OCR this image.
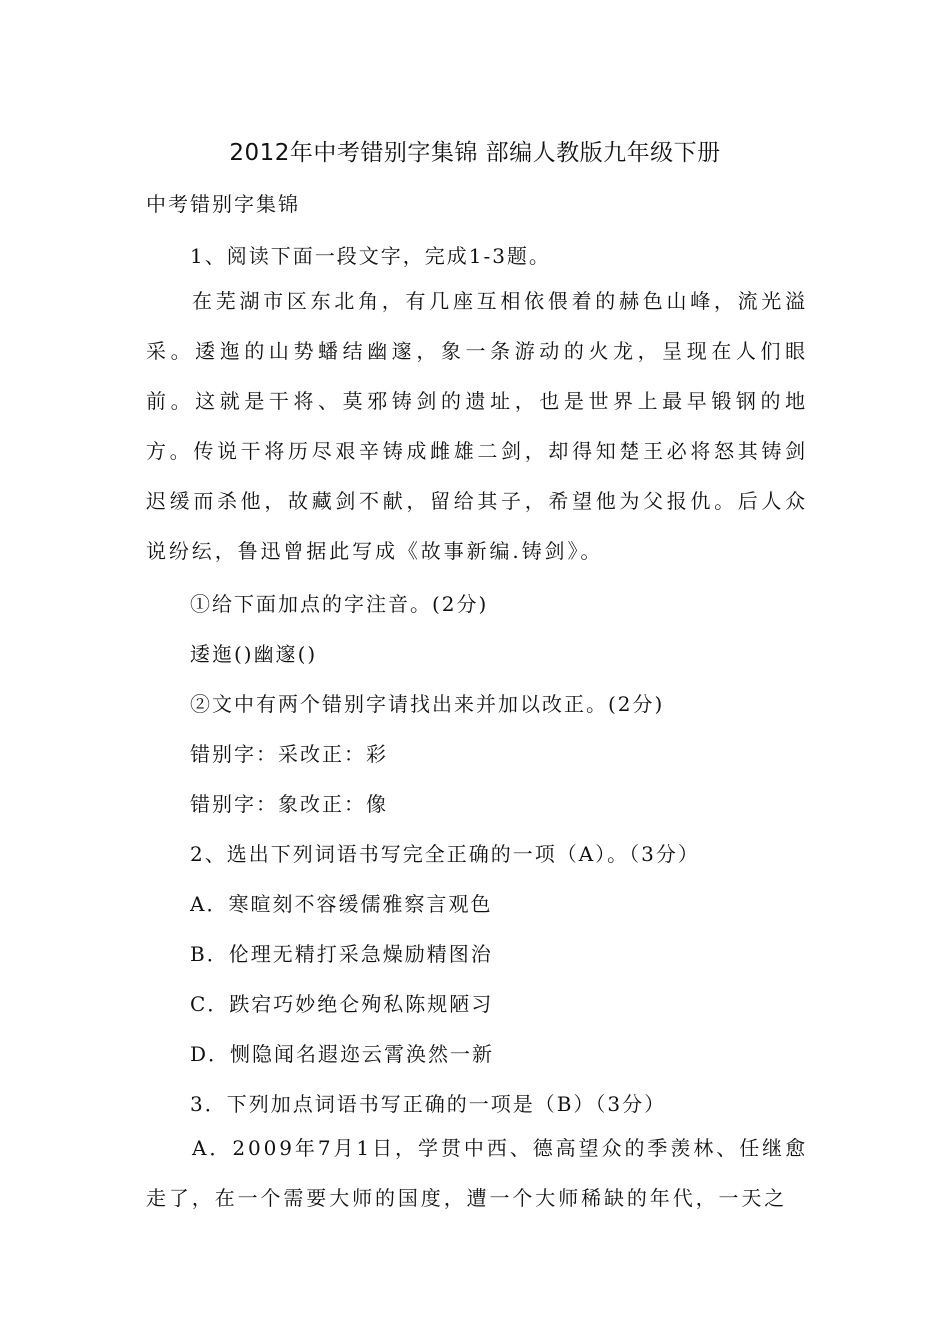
2012年中考错别字集锦 部编人教版九年级下册
中考错别字集锦
1、阅读下面一段文字，完成1-3题。
在芜湖市区东北角，有几座互相依偎着的赫色山峰，流光溢采。逶迤的山势蟠结幽邃，象一条游动的火龙，呈现在人们眼前。这就是干将、莫邪铸剑的遗址，也是世界上最早锻钢的地方。传说干将历尽艰辛铸成雌雄二剑，却得知楚王必将怒其铸剑迟缓而杀他，故藏剑不献，留给其子，希望他为父报仇。后人众说纷纭，鲁迅曾据此写成《故事新编.铸剑》。
①给下面加点的字注音。(2分)
逶迤()幽邃()
②文中有两个错别字请找出来并加以改正。(2分)
错别字：采改正：彩
错别字：象改正：像
2、选出下列词语书写完全正确的一项（A）。（3分）
A．寒暄刻不容缓儒雅察言观色
B．伦理无精打采急燥励精图治
C．跌宕巧妙绝仑殉私陈规陋习
D．恻隐闻名遐迩云霄涣然一新
3．下列加点词语书写正确的一项是（B）（3分）
A．2009年7月1日，学贯中西、德高望众的季羡林、任继愈走了，在一个需要大师的国度，遭一个大师稀缺的年代，一天之
